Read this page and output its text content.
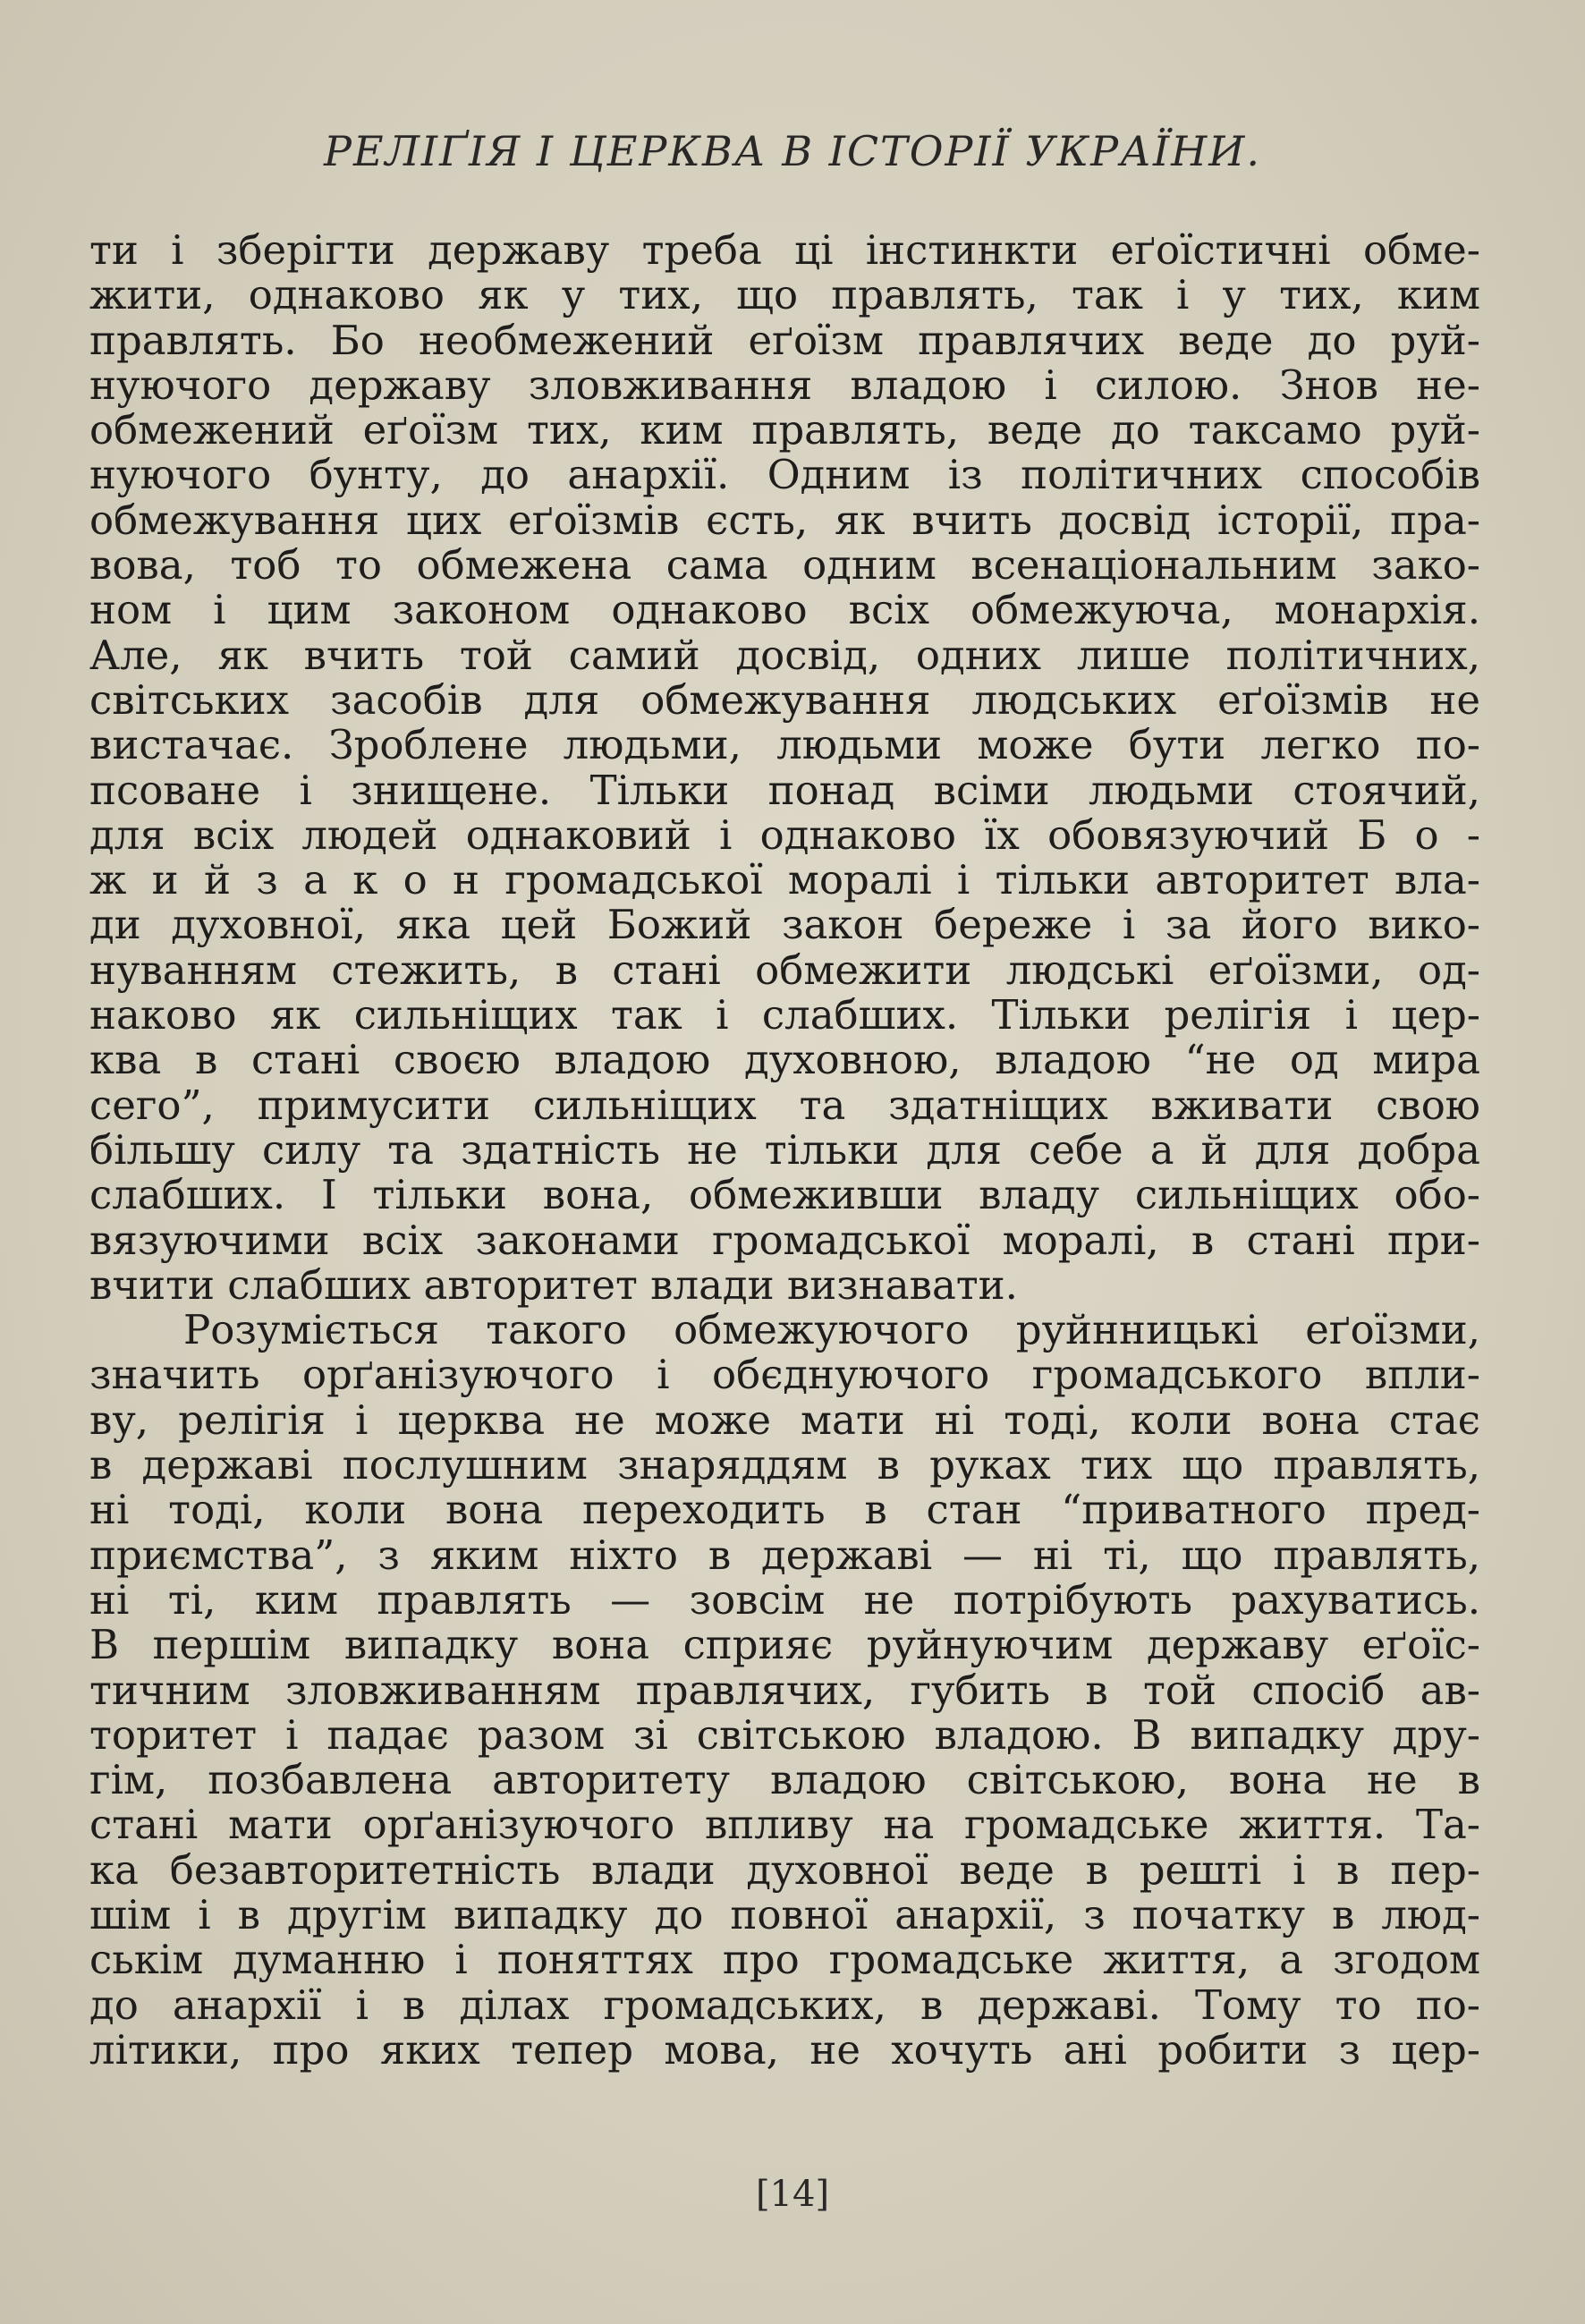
РЕЛІҐІЯ І ЦЕРКВА В ІСТОРІЇ УКРАЇНИ.
ти і зберігти державу треба ці інстинкти еґоїстичні обме-
жити, однаково як у тих, що правлять, так і у тих, ким
правлять. Бо необмежений еґоїзм правлячих веде до руй-
нуючого державу зловживання владою і силою. Знов не-
обмежений еґоїзм тих, ким правлять, веде до таксамо руй-
нуючого бунту, до анархії. Одним із політичних способів
обмежування цих еґоїзмів єсть, як вчить досвід історії, пра-
вова, тоб то обмежена сама одним всенаціональним зако-
ном і цим законом однаково всіх обмежуюча, монархія.
Але, як вчить той самий досвід, одних лише політичних,
світських засобів для обмежування людських еґоїзмів не
вистачає. Зроблене людьми, людьми може бути легко по-
псоване і знищене. Тільки понад всіми людьми стоячий,
для всіх людей однаковий і однаково їх обовязуючий Б о -
ж и й з а к о н громадської моралі і тільки авторитет вла-
ди духовної, яка цей Божий закон береже і за його вико-
нуванням стежить, в стані обмежити людські еґоїзми, од-
наково як сильніщих так і слабших. Тільки релігія і цер-
ква в стані своєю владою духовною, владою “не од мира
сего”, примусити сильніщих та здатніщих вживати свою
більшу силу та здатність не тільки для себе а й для добра
слабших. І тільки вона, обмеживши владу сильніщих обо-
вязуючими всіх законами громадської моралі, в стані при-
вчити слабших авторитет влади визнавати.
Розуміється такого обмежуючого руйнницькі еґоїзми,
значить орґанізуючого і обєднуючого громадського впли-
ву, релігія і церква не може мати ні тоді, коли вона стає
в державі послушним знаряддям в руках тих що правлять,
ні тоді, коли вона переходить в стан “приватного пред-
приємства”, з яким ніхто в державі — ні ті, що правлять,
ні ті, ким правлять — зовсім не потрібують рахуватись.
В першім випадку вона сприяє руйнуючим державу еґоїс-
тичним зловживанням правлячих, губить в той спосіб ав-
торитет і падає разом зі світською владою. В випадку дру-
гім, позбавлена авторитету владою світською, вона не в
стані мати орґанізуючого впливу на громадське життя. Та-
ка безавторитетність влади духовної веде в решті і в пер-
шім і в другім випадку до повної анархії, з початку в люд-
ськім думанню і поняттях про громадське життя, а згодом
до анархії і в ділах громадських, в державі. Тому то по-
літики, про яких тепер мова, не хочуть ані робити з цер-
[14]
